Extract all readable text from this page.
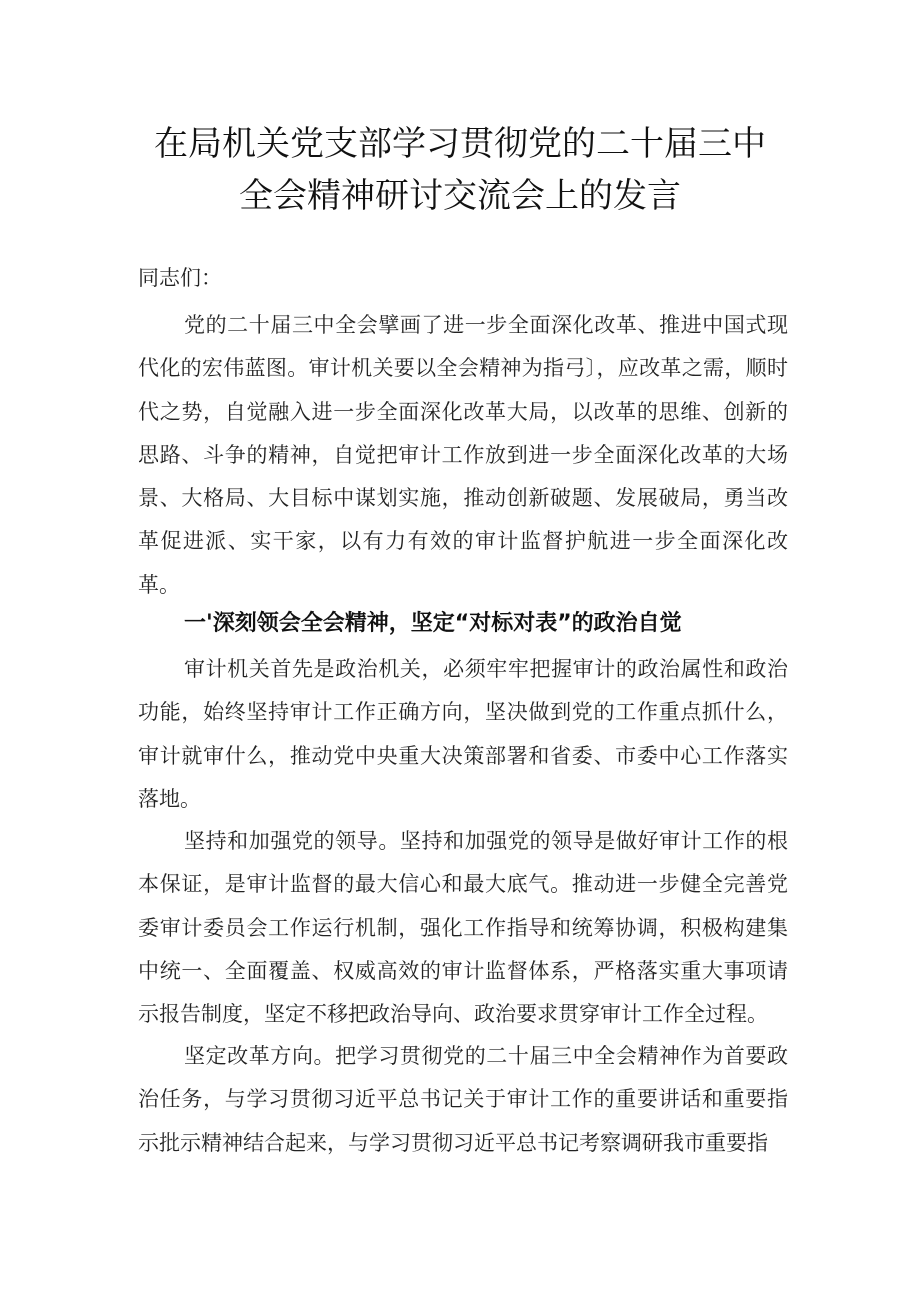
在局机关党支部学习贯彻党的二十届三中
全会精神研讨交流会上的发言

同志们：

党的二十届三中全会擘画了进一步全面深化改革、推进中国式现代化的宏伟蓝图。审计机关要以全会精神为指弓〕，应改革之需，顺时代之势，自觉融入进一步全面深化改革大局，以改革的思维、创新的思路、斗争的精神，自觉把审计工作放到进一步全面深化改革的大场景、大格局、大目标中谋划实施，推动创新破题、发展破局，勇当改革促进派、实干家，以有力有效的审计监督护航进一步全面深化改革。

一'深刻领会全会精神，坚定“对标对表”的政治自觉

审计机关首先是政治机关，必须牢牢把握审计的政治属性和政治功能，始终坚持审计工作正确方向，坚决做到党的工作重点抓什么，审计就审什么，推动党中央重大决策部署和省委、市委中心工作落实落地。

坚持和加强党的领导。坚持和加强党的领导是做好审计工作的根本保证，是审计监督的最大信心和最大底气。推动进一步健全完善党委审计委员会工作运行机制，强化工作指导和统筹协调，积极构建集中统一、全面覆盖、权威高效的审计监督体系，严格落实重大事项请示报告制度，坚定不移把政治导向、政治要求贯穿审计工作全过程。

坚定改革方向。把学习贯彻党的二十届三中全会精神作为首要政治任务，与学习贯彻习近平总书记关于审计工作的重要讲话和重要指示批示精神结合起来，与学习贯彻习近平总书记考察调研我市重要指
